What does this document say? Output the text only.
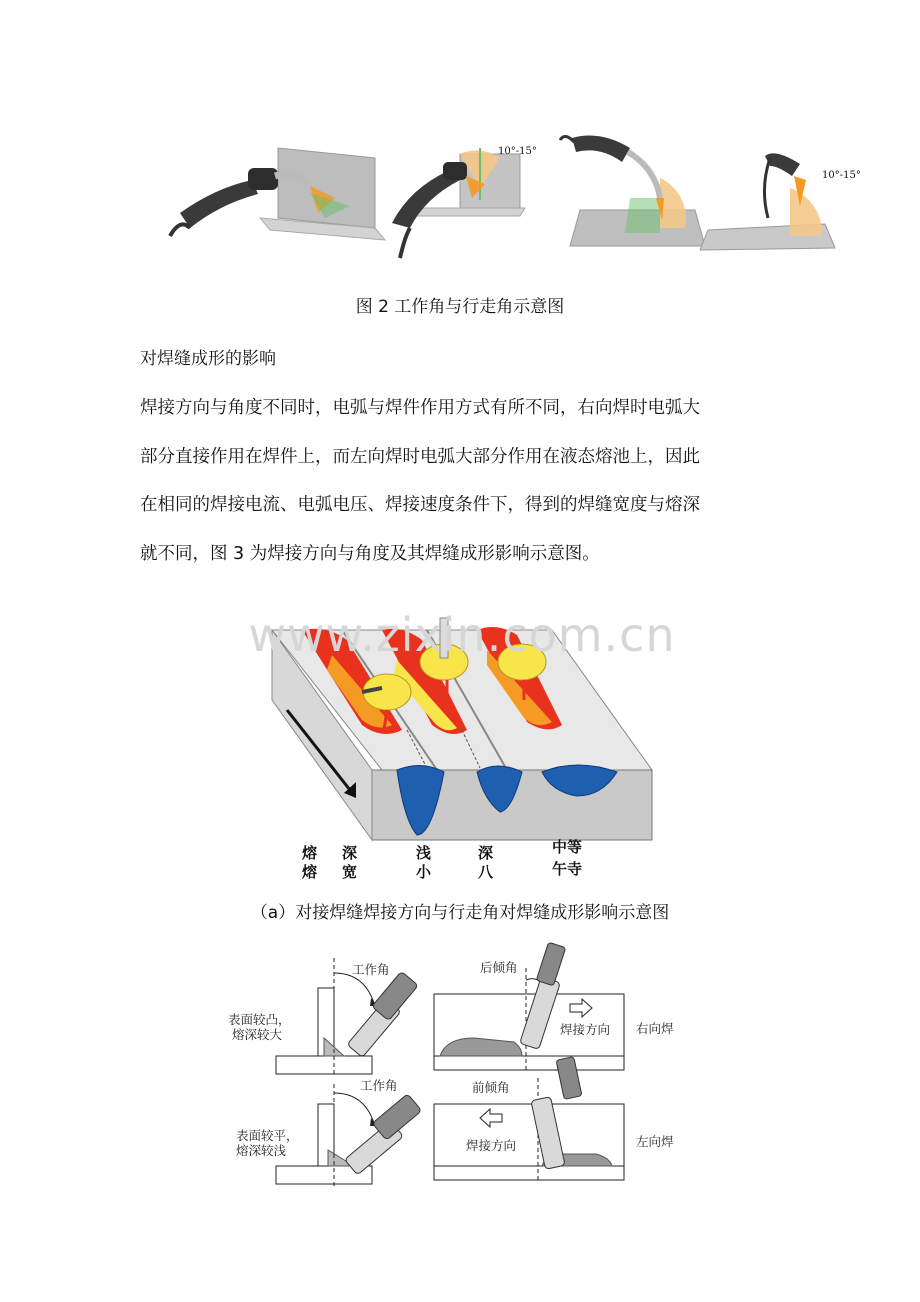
10°-15°
10°-15°
图 2 工作角与行走角示意图
对焊缝成形的影响
焊接方向与角度不同时，电弧与焊件作用方式有所不同，右向焊时电弧大
部分直接作用在焊件上，而左向焊时电弧大部分作用在液态熔池上，因此
在相同的焊接电流、电弧电压、焊接速度条件下，得到的焊缝宽度与熔深
就不同，图 3 为焊接方向与角度及其焊缝成形影响示意图。
熔
熔
深
宽
浅
小
深
八
中等
午寺
www.zixin.com.cn
（a）对接焊缝焊接方向与行走角对焊缝成形影响示意图
工作角
表面较凸，
熔深较大
工作角
表面较平，
熔深较浅
后倾角
焊接方向 右向焊
前倾角
焊接方向	左向焊
